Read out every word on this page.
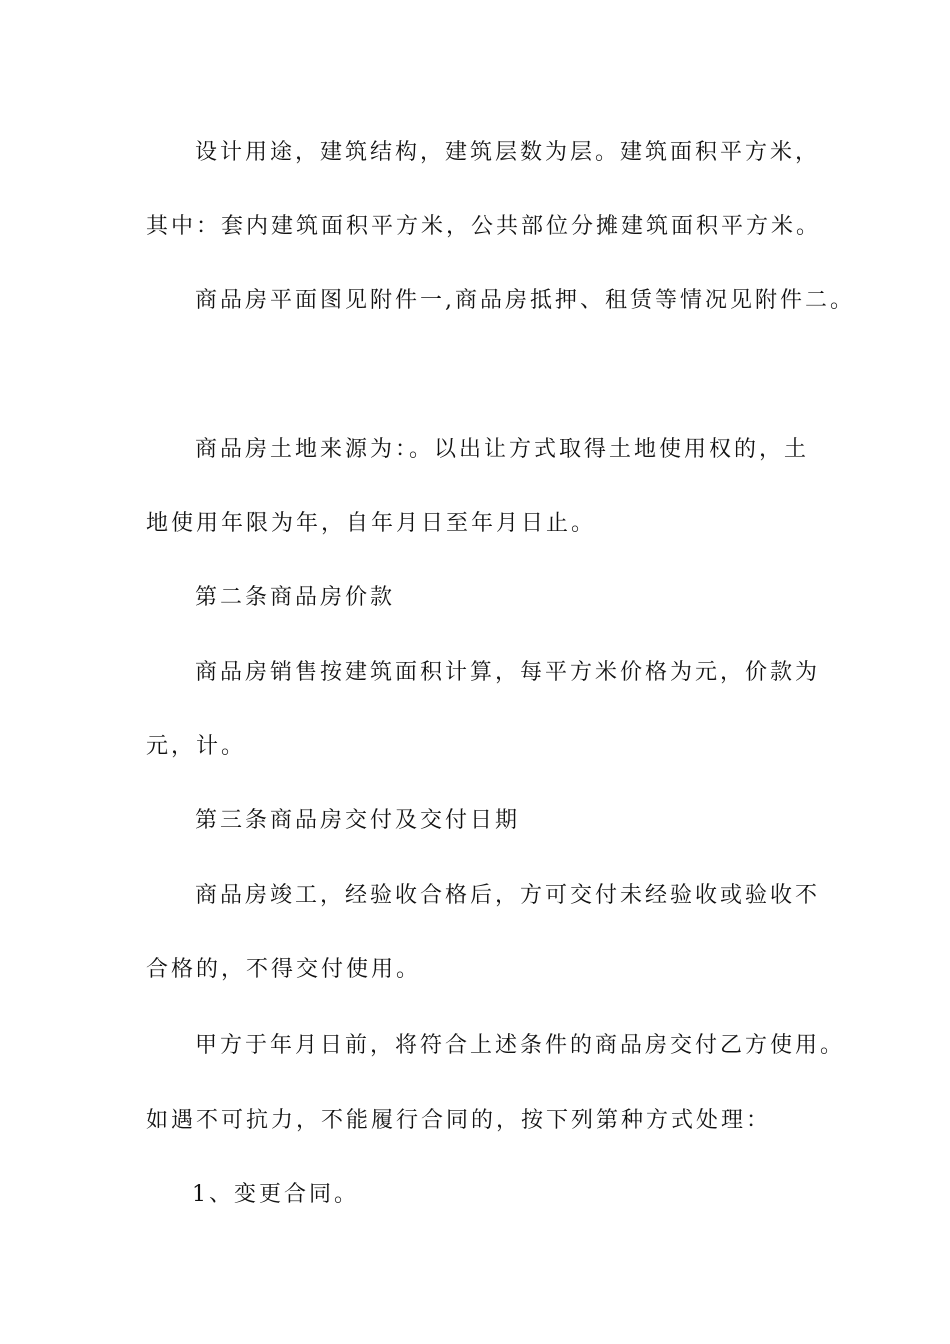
设计用途，建筑结构，建筑层数为层。建筑面积平方米，
其中：套内建筑面积平方米，公共部位分摊建筑面积平方米。
商品房平面图见附件一,商品房抵押、租赁等情况见附件二。
商品房土地来源为：。以出让方式取得土地使用权的，土
地使用年限为年，自年月日至年月日止。
第二条商品房价款
商品房销售按建筑面积计算，每平方米价格为元，价款为
元，计。
第三条商品房交付及交付日期
商品房竣工，经验收合格后，方可交付未经验收或验收不
合格的，不得交付使用。
甲方于年月日前，将符合上述条件的商品房交付乙方使用。
如遇不可抗力，不能履行合同的，按下列第种方式处理：
1、变更合同。
